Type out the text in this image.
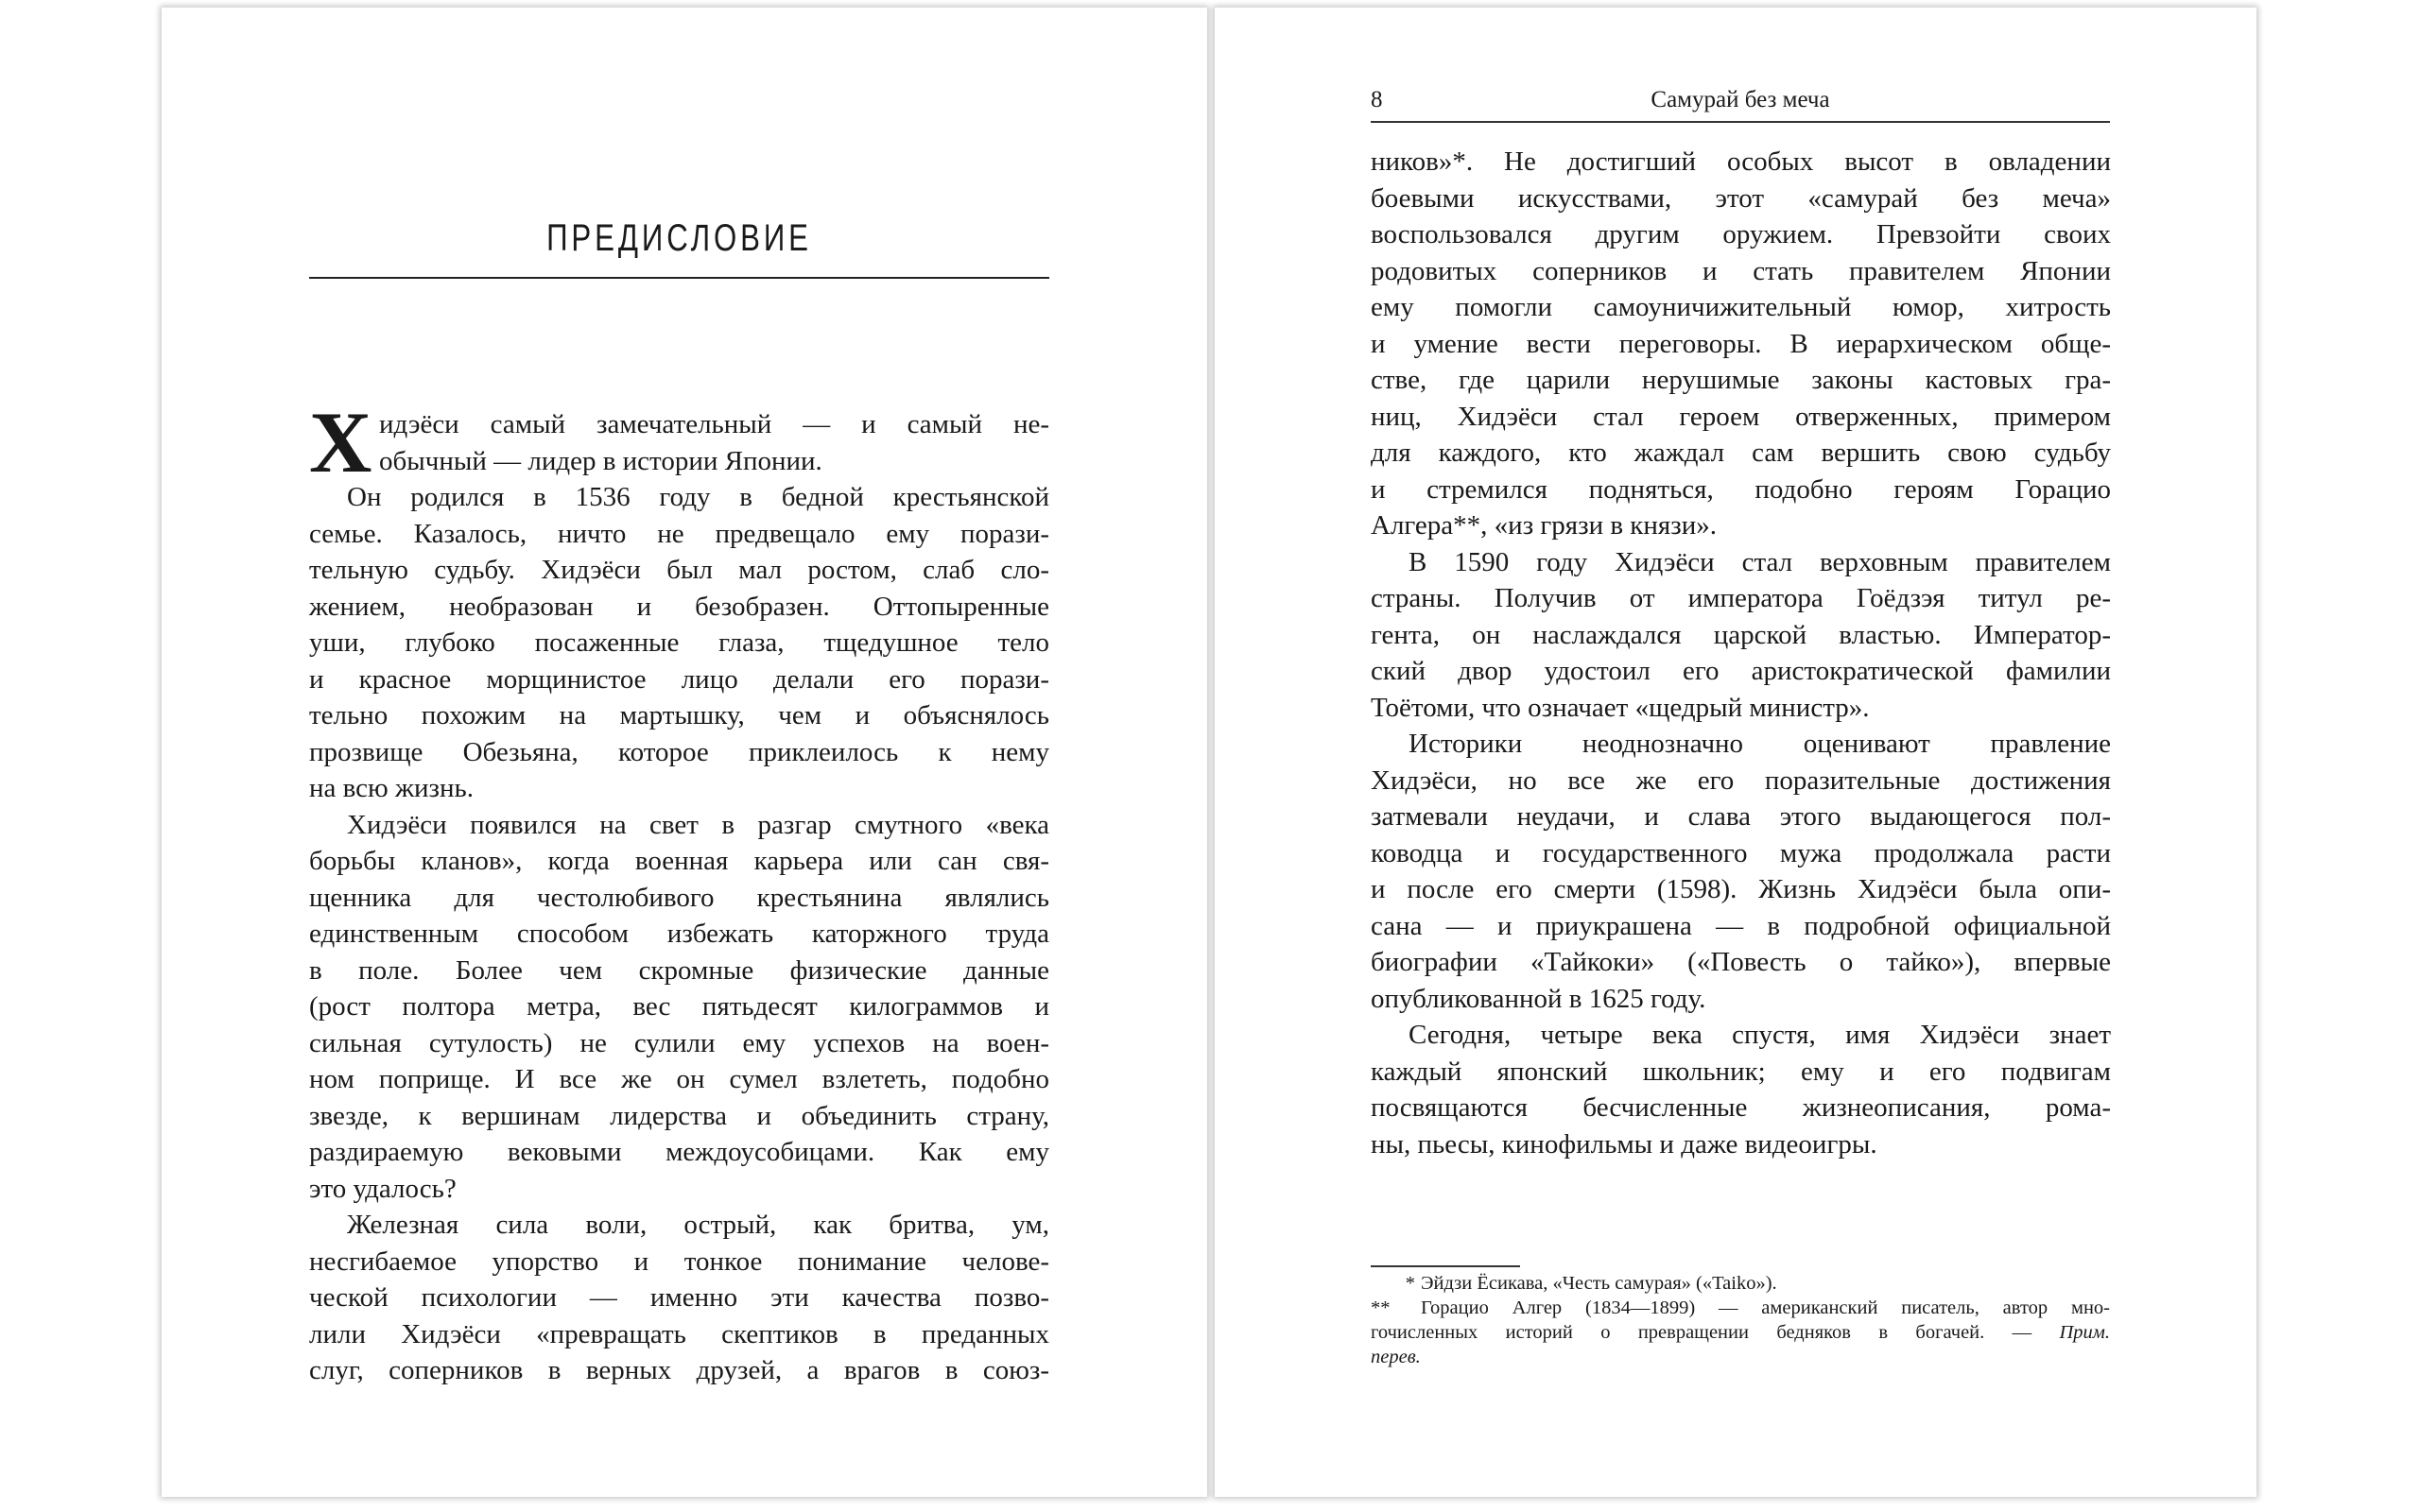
ПРЕДИСЛОВИЕ
Х идэёси самый замечательный — и самый не-
обычный — лидер в истории Японии.
Он родился в 1536 году в бедной крестьянской
семье. Казалось, ничто не предвещало ему порази-
тельную судьбу. Хидэёси был мал ростом, слаб сло-
жением, необразован и безобразен. Оттопыренные
уши, глубоко посаженные глаза, тщедушное тело
и красное морщинистое лицо делали его порази-
тельно похожим на мартышку, чем и объяснялось
прозвище Обезьяна, которое приклеилось к нему
на всю жизнь.
Хидэёси появился на свет в разгар смутного «века
борьбы кланов», когда военная карьера или сан свя-
щенника для честолюбивого крестьянина являлись
единственным способом избежать каторжного труда
в поле. Более чем скромные физические данные
(рост полтора метра, вес пятьдесят килограммов и
сильная сутулость) не сулили ему успехов на воен-
ном поприще. И все же он сумел взлететь, подобно
звезде, к вершинам лидерства и объединить страну,
раздираемую вековыми междоусобицами. Как ему
это удалось?
Железная сила воли, острый, как бритва, ум,
несгибаемое упорство и тонкое понимание челове-
ческой психологии — именно эти качества позво-
лили Хидэёси «превращать скептиков в преданных
слуг, соперников в верных друзей, а врагов в союз-
8	Самурай без меча
ников»*. Не достигший особых высот в овладении
боевыми искусствами, этот «самурай без меча»
воспользовался другим оружием. Превзойти своих
родовитых соперников и стать правителем Японии
ему помогли самоуничижительный юмор, хитрость
и умение вести переговоры. В иерархическом обще-
стве, где царили нерушимые законы кастовых гра-
ниц, Хидэёси стал героем отверженных, примером
для каждого, кто жаждал сам вершить свою судьбу
и стремился подняться, подобно героям Горацио
Алгера**, «из грязи в князи».
В 1590 году Хидэёси стал верховным правителем
страны. Получив от императора Гоёдзэя титул ре-
гента, он наслаждался царской властью. Император-
ский двор удостоил его аристократической фамилии
Тоётоми, что означает «щедрый министр».
Историки неоднозначно оценивают правление
Хидэёси, но все же его поразительные достижения
затмевали неудачи, и слава этого выдающегося пол-
ководца и государственного мужа продолжала расти
и после его смерти (1598). Жизнь Хидэёси была опи-
сана — и приукрашена — в подробной официальной
биографии «Тайкоки» («Повесть о тайко»), впервые
опубликованной в 1625 году.
Сегодня, четыре века спустя, имя Хидэёси знает
каждый японский школьник; ему и его подвигам
посвящаются бесчисленные жизнеописания, рома-
ны, пьесы, кинофильмы и даже видеоигры.
* Эйдзи Ёсикава, «Честь самурая» («Taiko»).
** Горацио Алгер (1834—1899) — американский писатель, автор мно-
гочисленных историй о превращении бедняков в богачей. — Прим.
перев.
